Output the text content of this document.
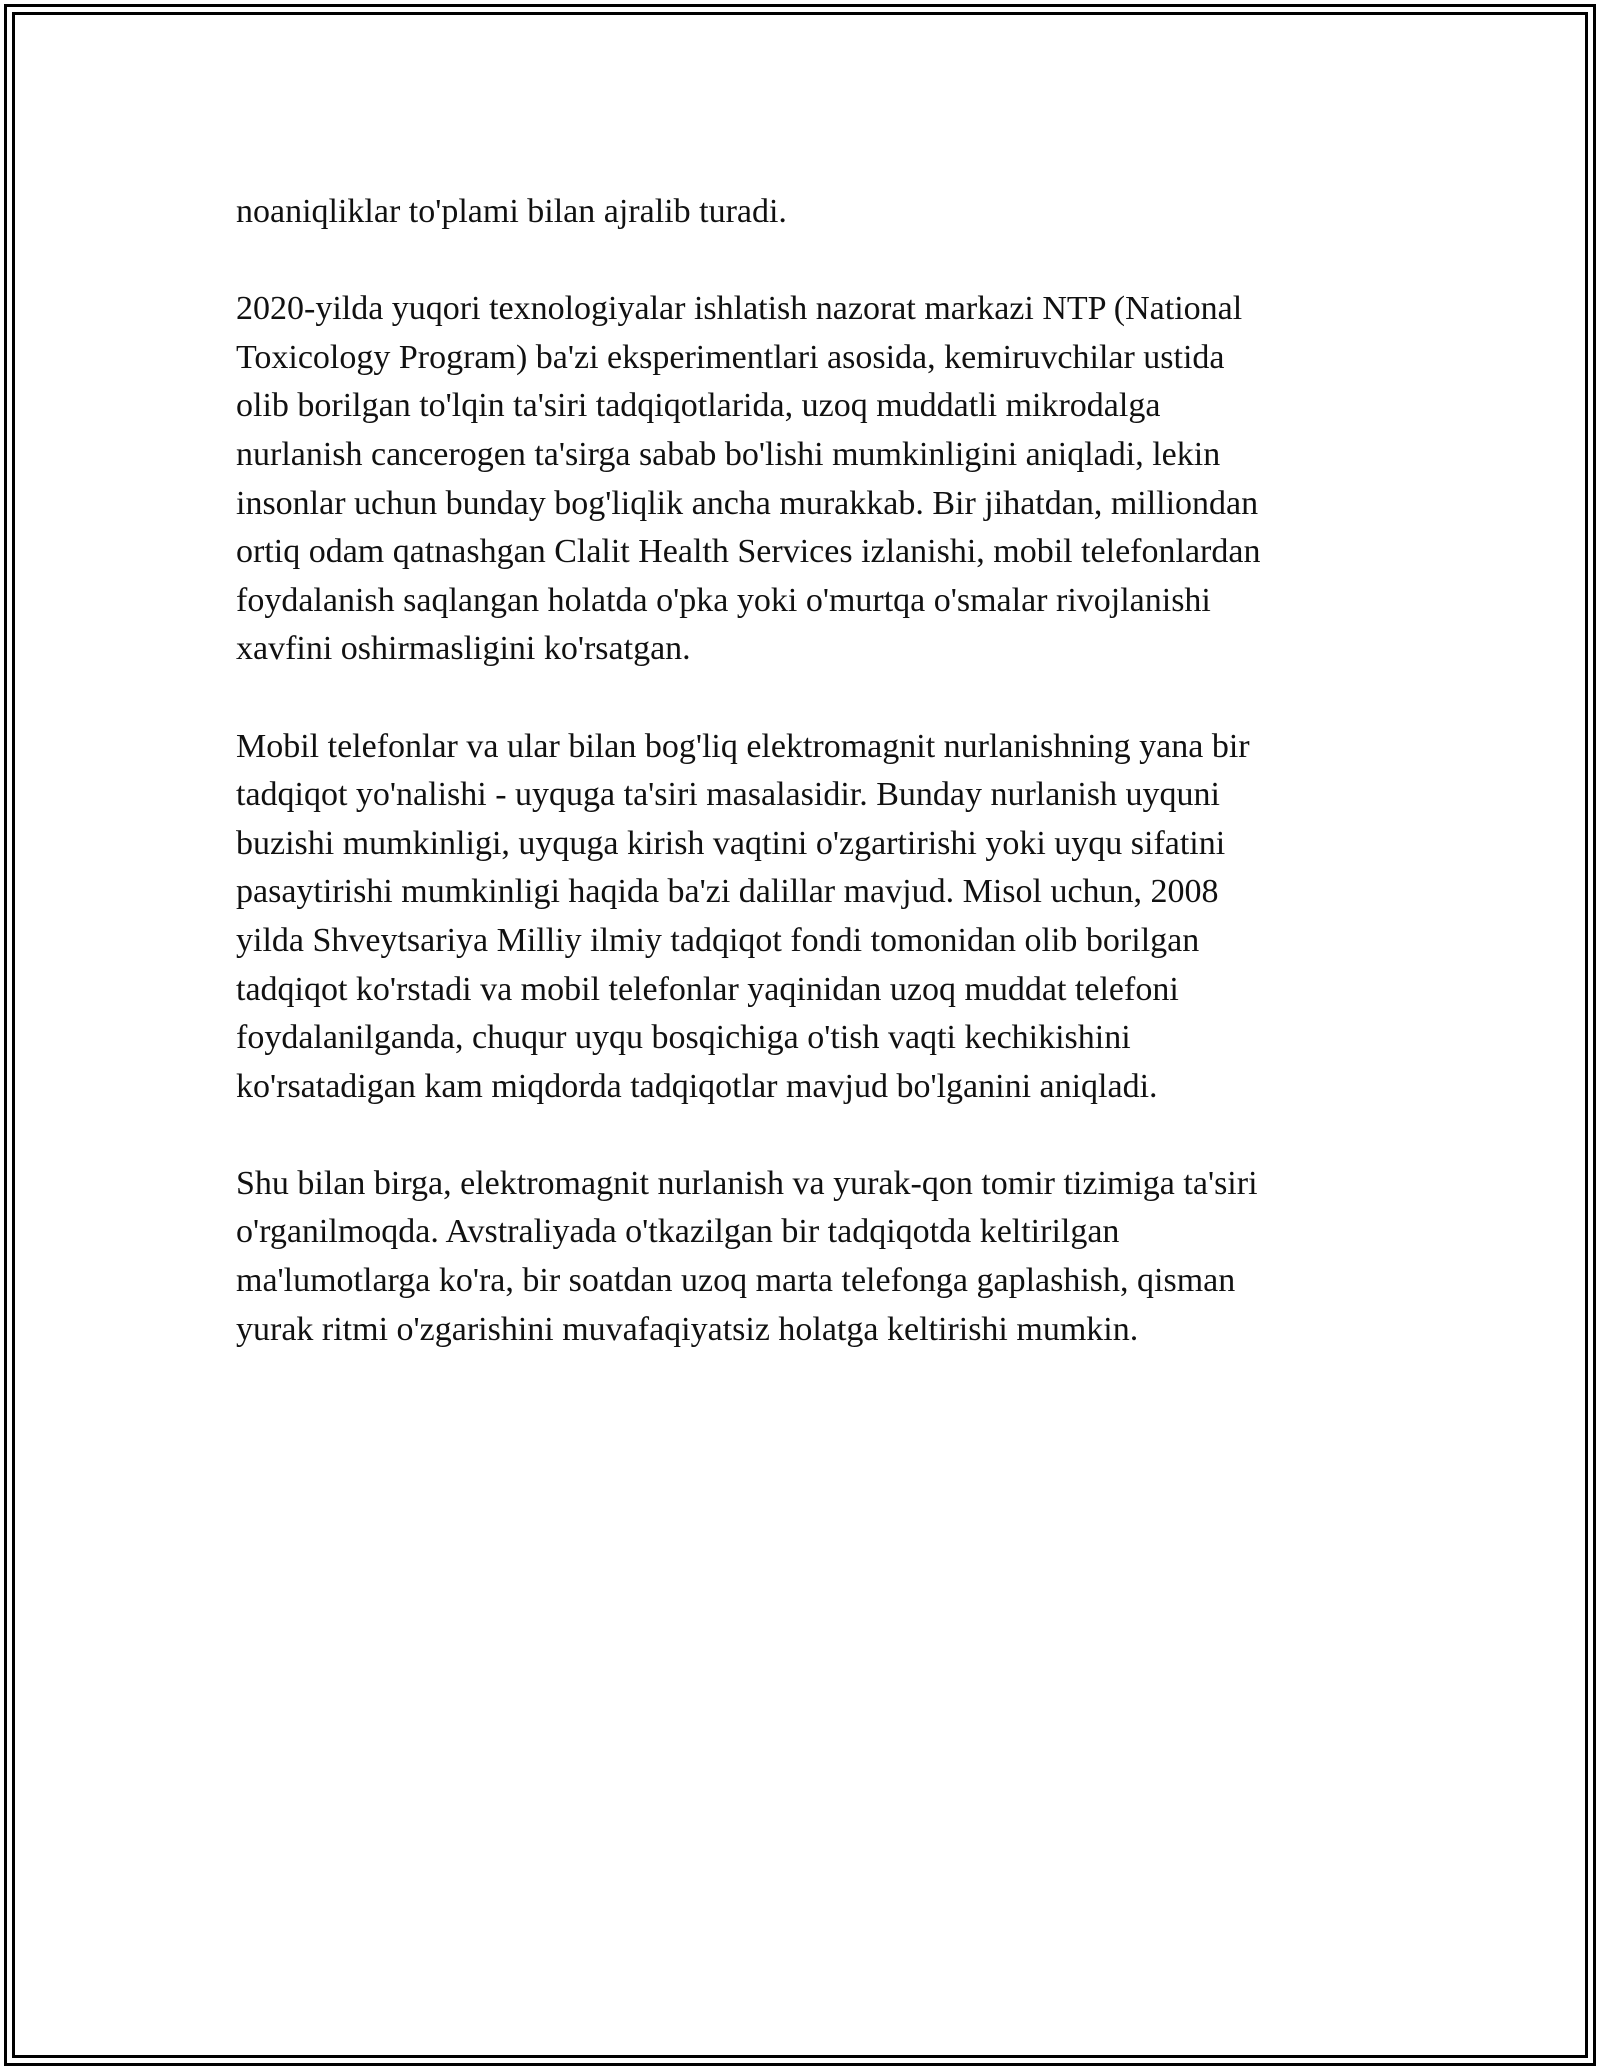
noaniqliklar to'plami bilan ajralib turadi.

2020-yilda yuqori texnologiyalar ishlatish nazorat markazi NTP (National
Toxicology Program) ba'zi eksperimentlari asosida, kemiruvchilar ustida
olib borilgan to'lqin ta'siri tadqiqotlarida, uzoq muddatli mikrodalga
nurlanish cancerogen ta'sirga sabab bo'lishi mumkinligini aniqladi, lekin
insonlar uchun bunday bog'liqlik ancha murakkab. Bir jihatdan, milliondan
ortiq odam qatnashgan Clalit Health Services izlanishi, mobil telefonlardan
foydalanish saqlangan holatda o'pka yoki o'murtqa o'smalar rivojlanishi
xavfini oshirmasligini ko'rsatgan.

Mobil telefonlar va ular bilan bog'liq elektromagnit nurlanishning yana bir
tadqiqot yo'nalishi - uyquga ta'siri masalasidir. Bunday nurlanish uyquni
buzishi mumkinligi, uyquga kirish vaqtini o'zgartirishi yoki uyqu sifatini
pasaytirishi mumkinligi haqida ba'zi dalillar mavjud. Misol uchun, 2008
yilda Shveytsariya Milliy ilmiy tadqiqot fondi tomonidan olib borilgan
tadqiqot ko'rstadi va mobil telefonlar yaqinidan uzoq muddat telefoni
foydalanilganda, chuqur uyqu bosqichiga o'tish vaqti kechikishini
ko'rsatadigan kam miqdorda tadqiqotlar mavjud bo'lganini aniqladi.

Shu bilan birga, elektromagnit nurlanish va yurak-qon tomir tizimiga ta'siri
o'rganilmoqda. Avstraliyada o'tkazilgan bir tadqiqotda keltirilgan
ma'lumotlarga ko'ra, bir soatdan uzoq marta telefonga gaplashish, qisman
yurak ritmi o'zgarishini muvafaqiyatsiz holatga keltirishi mumkin.
